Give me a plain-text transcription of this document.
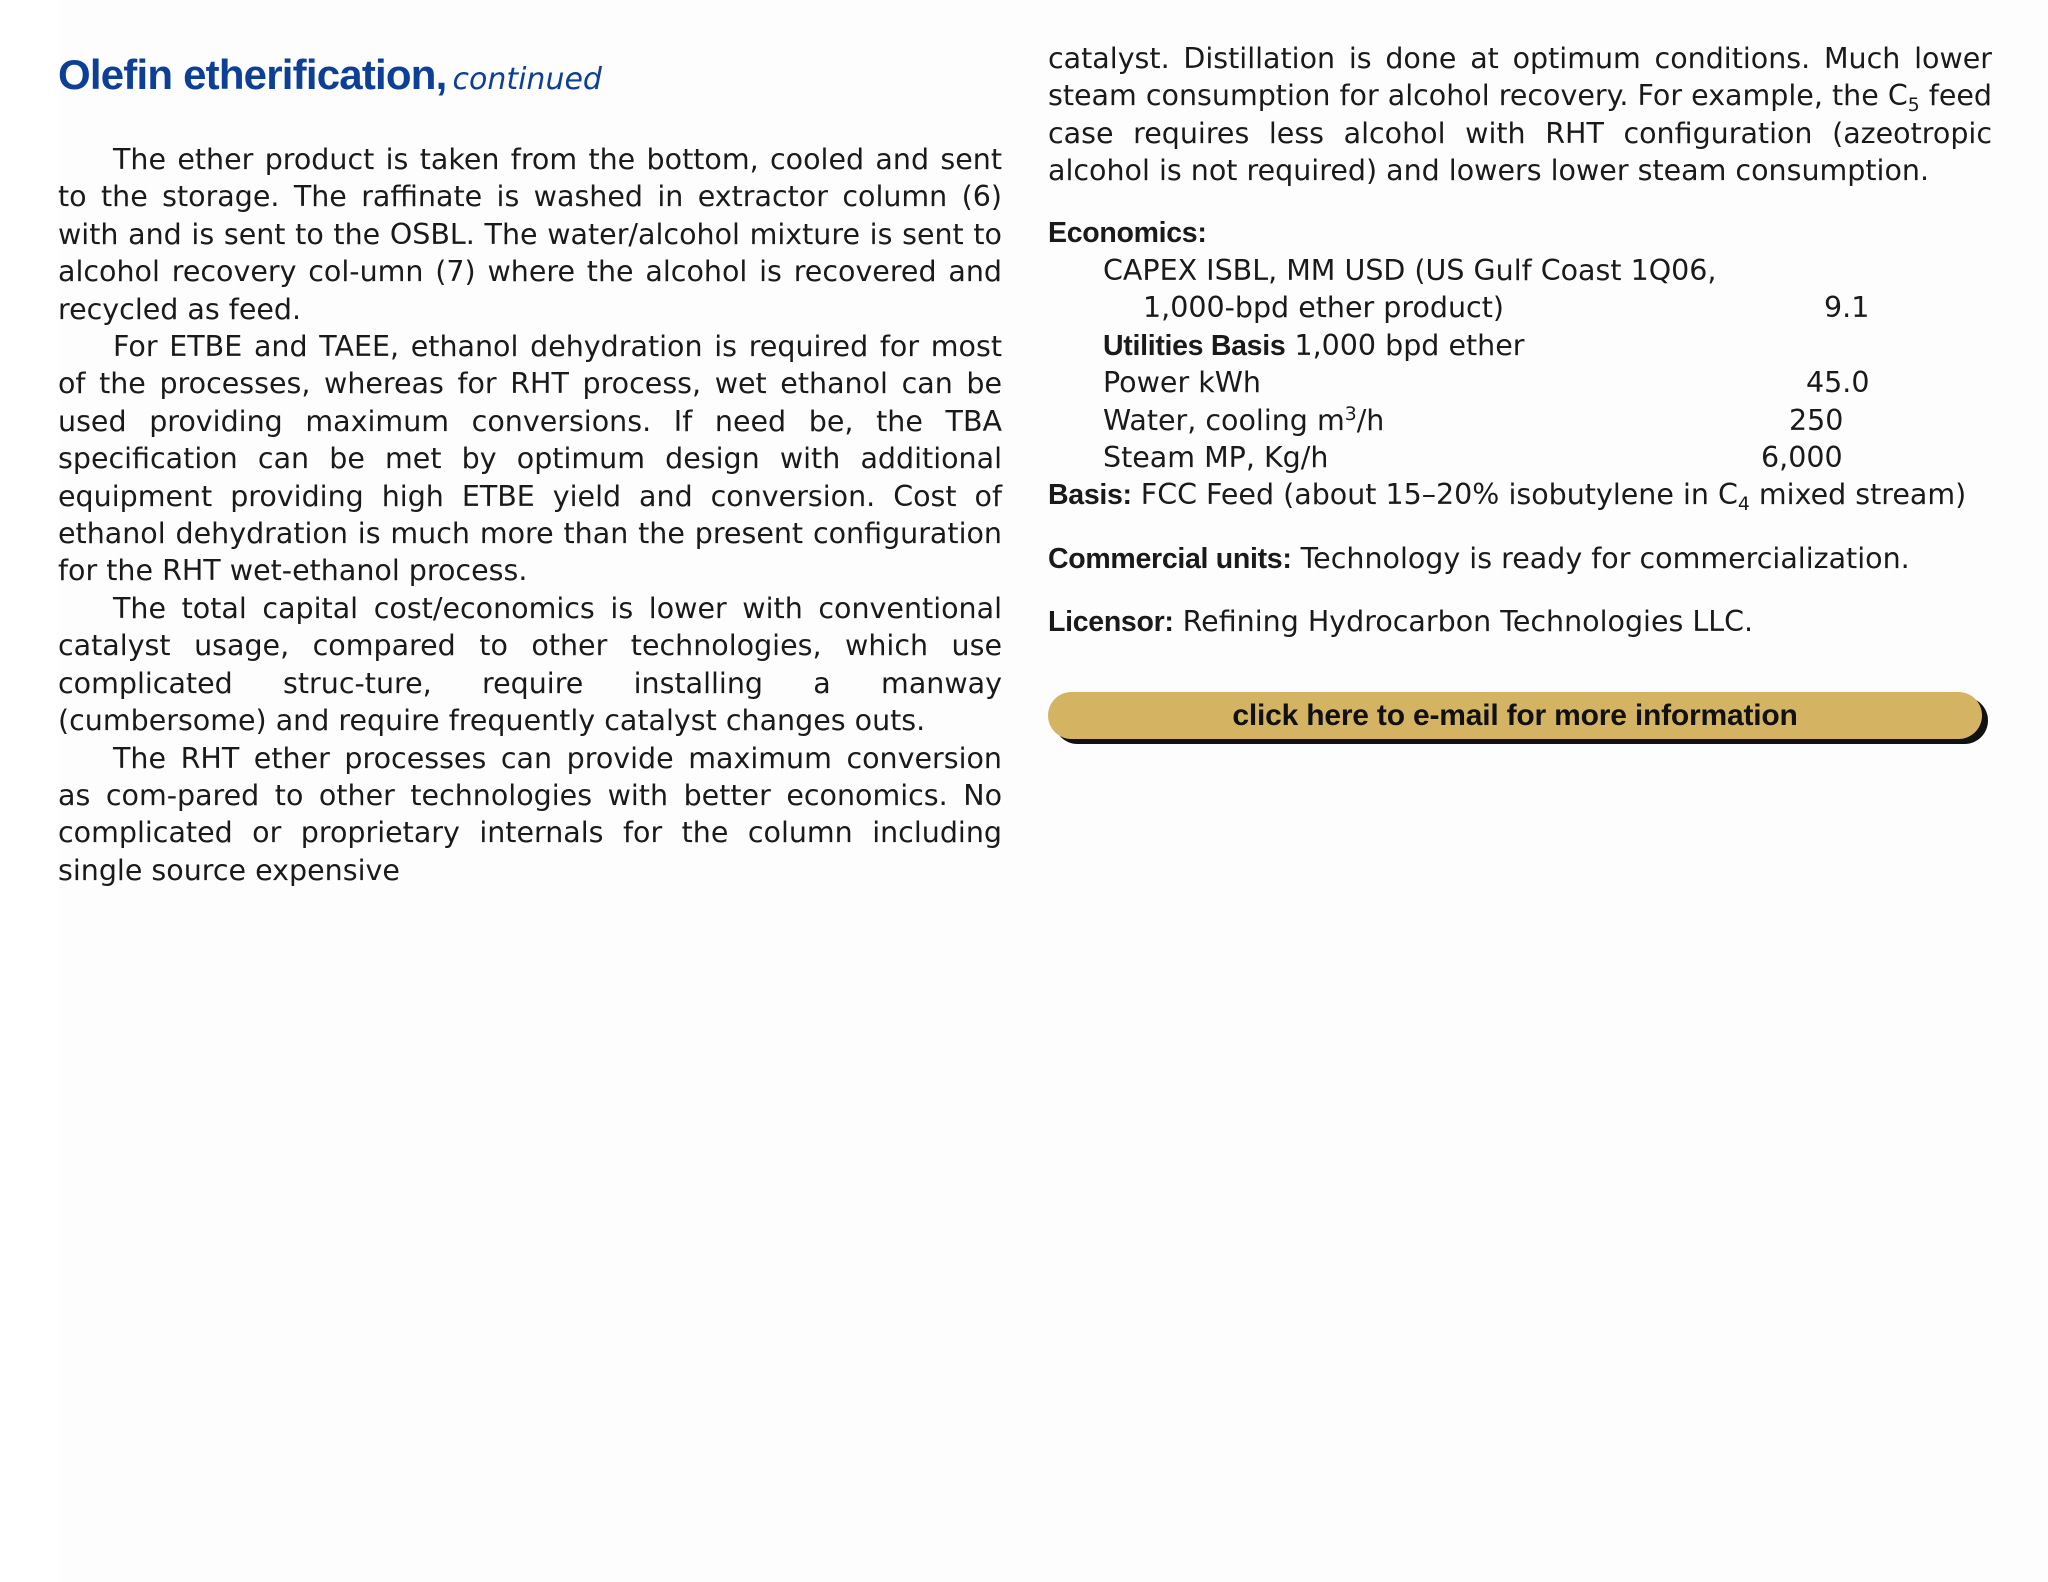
Olefin etherification, continued

The ether product is taken from the bottom, cooled and sent to the storage. The raffinate is washed in extractor column (6) with and is sent to the OSBL. The water/alcohol mixture is sent to alcohol recovery col-umn (7) where the alcohol is recovered and recycled as feed.

For ETBE and TAEE, ethanol dehydration is required for most of the processes, whereas for RHT process, wet ethanol can be used providing maximum conversions. If need be, the TBA specification can be met by optimum design with additional equipment providing high ETBE yield and conversion. Cost of ethanol dehydration is much more than the present configuration for the RHT wet-ethanol process.

The total capital cost/economics is lower with conventional catalyst usage, compared to other technologies, which use complicated struc-ture, require installing a manway (cumbersome) and require frequently catalyst changes outs.

The RHT ether processes can provide maximum conversion as com-pared to other technologies with better economics. No complicated or proprietary internals for the column including single source expensive

catalyst. Distillation is done at optimum conditions. Much lower steam consumption for alcohol recovery. For example, the $C_5$ feed case requires less alcohol with RHT configuration (azeotropic alcohol is not required) and lowers lower steam consumption.

Economics:
CAPEX ISBL, MM USD (US Gulf Coast 1Q06,
1,000-bpd ether product)	9.1
Utilities Basis 1,000 bpd ether
Power kWh	45.0
Water, cooling $m^3/h$	250
Steam MP, Kg/h	6,000
Basis: FCC Feed (about 15–20% isobutylene in $C_4$ mixed stream)
Commercial units: Technology is ready for commercialization.
Licensor: Refining Hydrocarbon Technologies LLC.
click here to e-mail for more information
